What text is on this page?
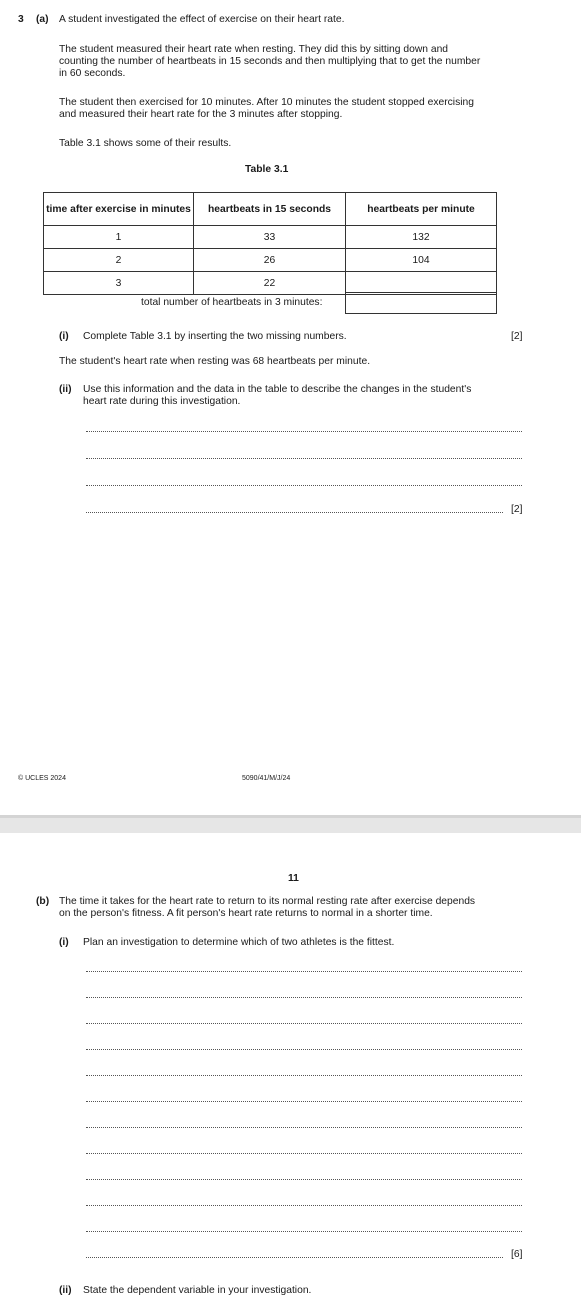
3 (a) A student investigated the effect of exercise on their heart rate.
The student measured their heart rate when resting. They did this by sitting down and
counting the number of heartbeats in 15 seconds and then multiplying that to get the number
in 60 seconds.
The student then exercised for 10 minutes. After 10 minutes the student stopped exercising
and measured their heart rate for the 3 minutes after stopping.
Table 3.1 shows some of their results.
Table 3.1
time after exercise in minutes	heartbeats in 15 seconds	heartbeats per minute
1	33	132
2	26	104
3	22	
total number of heartbeats in 3 minutes:
(i) Complete Table 3.1 by inserting the two missing numbers.	[2]
The student's heart rate when resting was 68 heartbeats per minute.
(ii) Use this information and the data in the table to describe the changes in the student's
heart rate during this investigation.
[2]
© UCLES 2024	5090/41/M/J/24
11
(b) The time it takes for the heart rate to return to its normal resting rate after exercise depends
on the person's fitness. A fit person's heart rate returns to normal in a shorter time.
(i) Plan an investigation to determine which of two athletes is the fittest.
[6]
(ii) State the dependent variable in your investigation.
